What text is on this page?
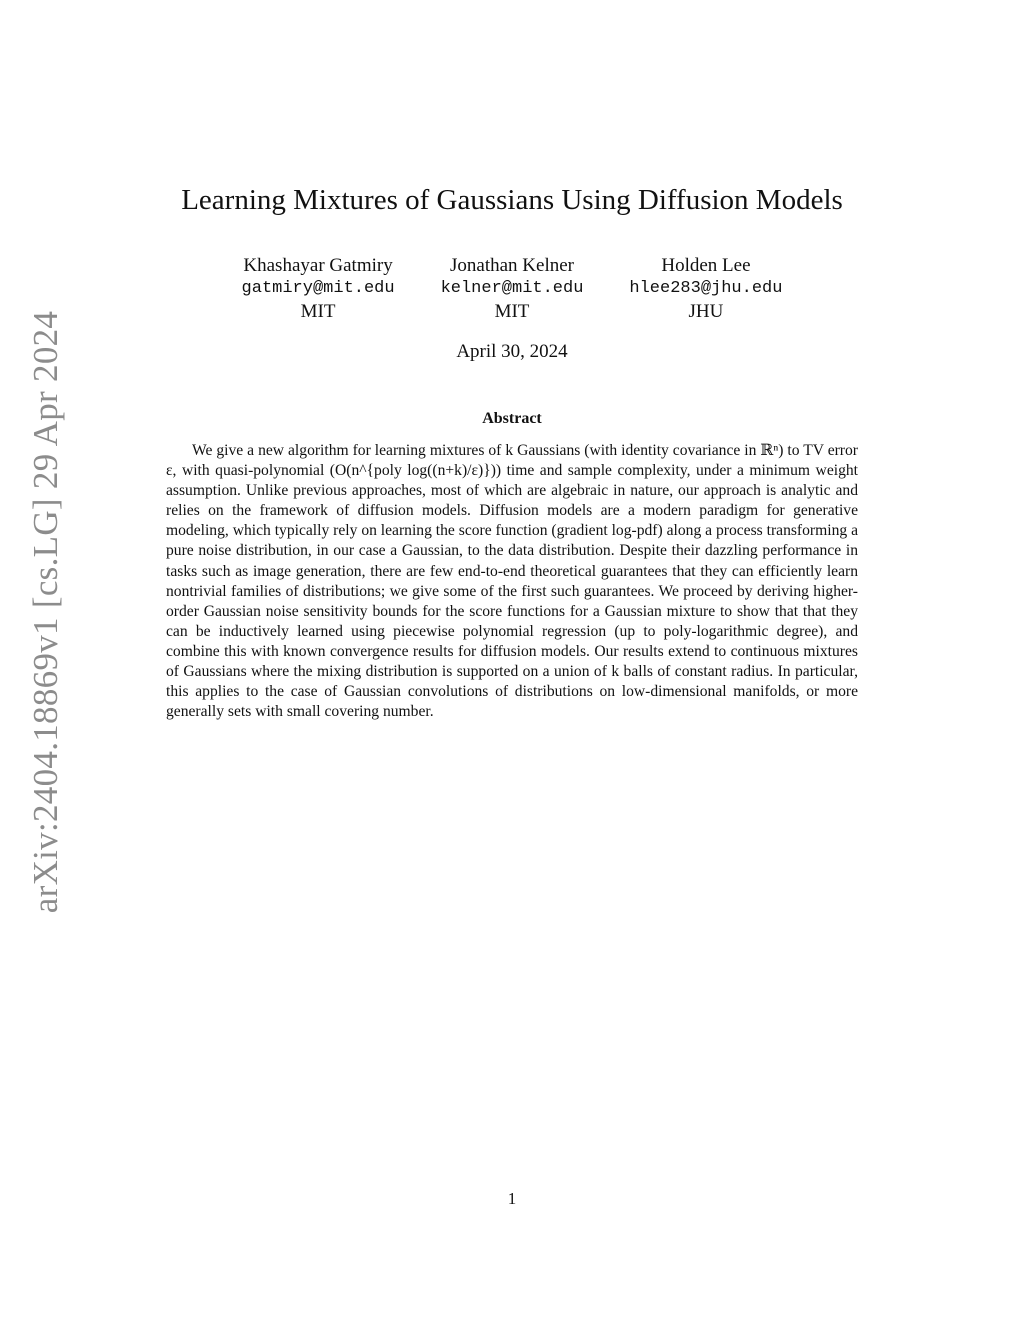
arXiv:2404.18869v1 [cs.LG] 29 Apr 2024
Learning Mixtures of Gaussians Using Diffusion Models
Khashayar Gatmiry
gatmiry@mit.edu
MIT
Jonathan Kelner
kelner@mit.edu
MIT
Holden Lee
hlee283@jhu.edu
JHU
April 30, 2024
Abstract

We give a new algorithm for learning mixtures of k Gaussians (with identity covariance in ℝⁿ) to TV error ε, with quasi-polynomial (O(n^{poly log((n+k)/ε)})) time and sample complexity, under a minimum weight assumption. Unlike previous approaches, most of which are algebraic in nature, our approach is analytic and relies on the framework of diffusion models. Diffusion models are a modern paradigm for generative modeling, which typically rely on learning the score function (gradient log-pdf) along a process transforming a pure noise distribution, in our case a Gaussian, to the data distribution. Despite their dazzling performance in tasks such as image generation, there are few end-to-end theoretical guarantees that they can efficiently learn nontrivial families of distributions; we give some of the first such guarantees. We proceed by deriving higher-order Gaussian noise sensitivity bounds for the score functions for a Gaussian mixture to show that that they can be inductively learned using piecewise polynomial regression (up to poly-logarithmic degree), and combine this with known convergence results for diffusion models. Our results extend to continuous mixtures of Gaussians where the mixing distribution is supported on a union of k balls of constant radius. In particular, this applies to the case of Gaussian convolutions of distributions on low-dimensional manifolds, or more generally sets with small covering number.

1
